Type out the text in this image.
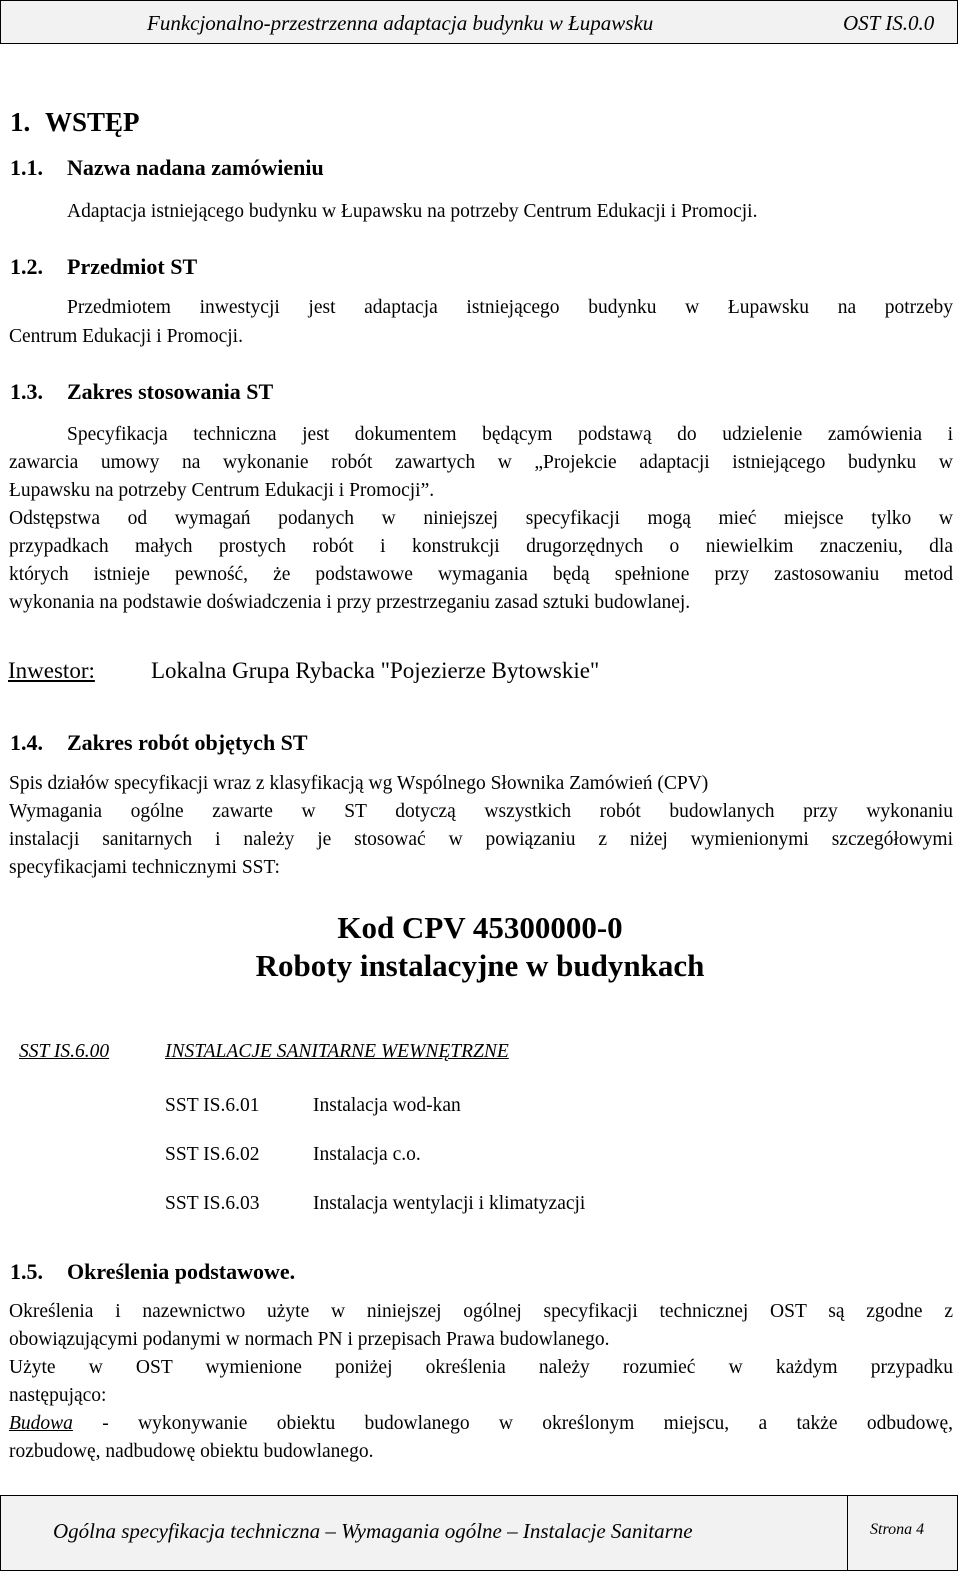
Funkcjonalno-przestrzenna adaptacja budynku w Łupawsku	OST IS.0.0
1. WSTĘP
1.1. Nazwa nadana zamówieniu
Adaptacja istniejącego budynku w Łupawsku na potrzeby Centrum Edukacji i Promocji.
1.2. Przedmiot ST
Przedmiotem inwestycji jest adaptacja istniejącego budynku w Łupawsku na potrzeby
Centrum Edukacji i Promocji.
1.3. Zakres stosowania ST
Specyfikacja techniczna jest dokumentem będącym podstawą do udzielenie zamówienia i
zawarcia umowy na wykonanie robót zawartych w „Projekcie adaptacji istniejącego budynku w
Łupawsku na potrzeby Centrum Edukacji i Promocji”.
Odstępstwa od wymagań podanych w niniejszej specyfikacji mogą mieć miejsce tylko w
przypadkach małych prostych robót i konstrukcji drugorzędnych o niewielkim znaczeniu, dla
których istnieje pewność, że podstawowe wymagania będą spełnione przy zastosowaniu metod
wykonania na podstawie doświadczenia i przy przestrzeganiu zasad sztuki budowlanej.
Inwestor: Lokalna Grupa Rybacka "Pojezierze Bytowskie"
1.4. Zakres robót objętych ST
Spis działów specyfikacji wraz z klasyfikacją wg Wspólnego Słownika Zamówień (CPV)
Wymagania ogólne zawarte w ST dotyczą wszystkich robót budowlanych przy wykonaniu
instalacji sanitarnych i należy je stosować w powiązaniu z niżej wymienionymi szczegółowymi
specyfikacjami technicznymi SST:
Kod CPV 45300000-0
Roboty instalacyjne w budynkach
SST IS.6.00	INSTALACJE SANITARNE WEWNĘTRZNE
SST IS.6.01	Instalacja wod-kan
SST IS.6.02	Instalacja c.o.
SST IS.6.03	Instalacja wentylacji i klimatyzacji
1.5. Określenia podstawowe.
Określenia i nazewnictwo użyte w niniejszej ogólnej specyfikacji technicznej OST są zgodne z
obowiązującymi podanymi w normach PN i przepisach Prawa budowlanego.
Użyte w OST wymienione poniżej określenia należy rozumieć w każdym przypadku
następująco:
Budowa - wykonywanie obiektu budowlanego w określonym miejscu, a także odbudowę,
rozbudowę, nadbudowę obiektu budowlanego.
Ogólna specyfikacja techniczna – Wymagania ogólne – Instalacje Sanitarne	Strona 4
